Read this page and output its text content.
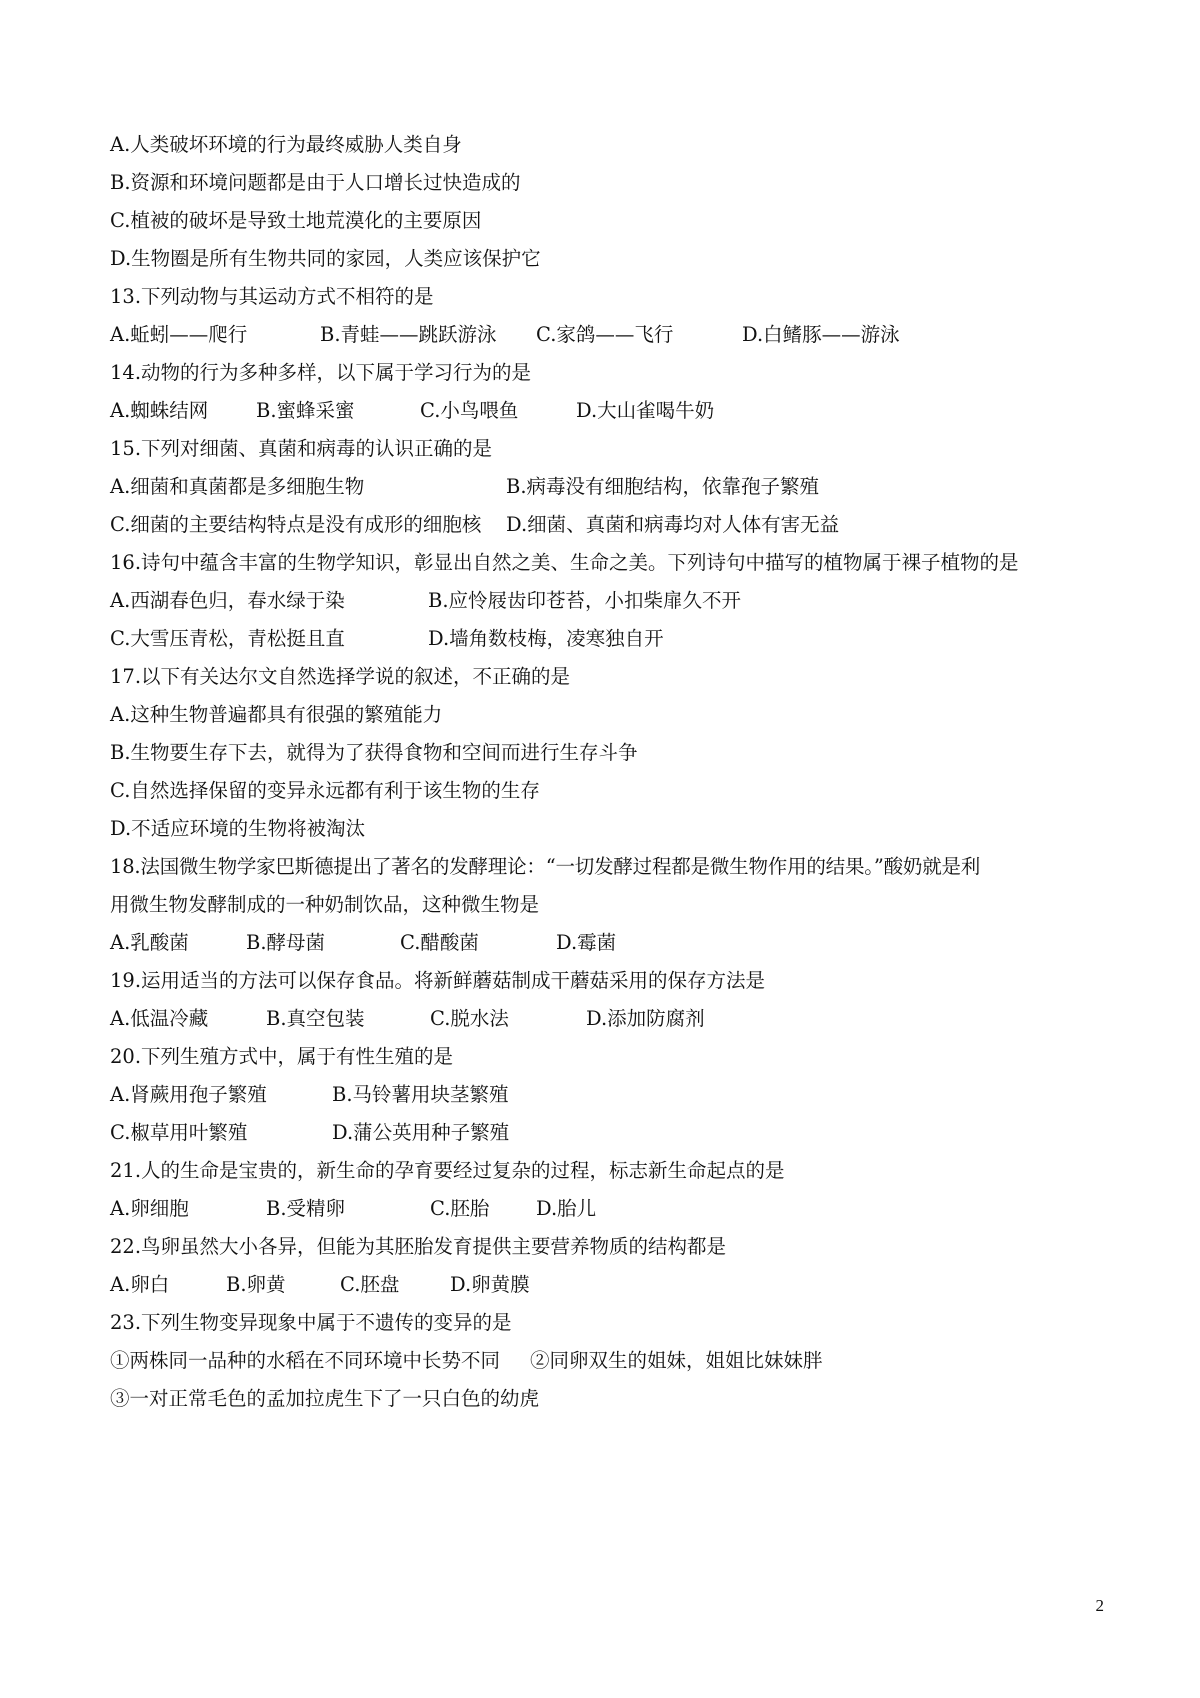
A.人类破坏环境的行为最终威胁人类自身
B.资源和环境问题都是由于人口增长过快造成的
C.植被的破坏是导致土地荒漠化的主要原因
D.生物圈是所有生物共同的家园，人类应该保护它
13.下列动物与其运动方式不相符的是
A.蚯蚓——爬行	B.青蛙——跳跃游泳 C.家鸽——飞行	D.白鳍豚——游泳
14.动物的行为多种多样，以下属于学习行为的是
A.蜘蛛结网 B.蜜蜂采蜜	C.小鸟喂鱼	D.大山雀喝牛奶
15.下列对细菌、真菌和病毒的认识正确的是
A.细菌和真菌都是多细胞生物	B.病毒没有细胞结构，依靠孢子繁殖
C.细菌的主要结构特点是没有成形的细胞核 D.细菌、真菌和病毒均对人体有害无益
16.诗句中蕴含丰富的生物学知识，彰显出自然之美、生命之美。下列诗句中描写的植物属于裸子植物的是
A.西湖春色归，春水绿于染	B.应怜屐齿印苍苔，小扣柴扉久不开
C.大雪压青松，青松挺且直	D.墙角数枝梅，凌寒独自开
17.以下有关达尔文自然选择学说的叙述，不正确的是
A.这种生物普遍都具有很强的繁殖能力
B.生物要生存下去，就得为了获得食物和空间而进行生存斗争
C.自然选择保留的变异永远都有利于该生物的生存
D.不适应环境的生物将被淘汰
18.法国微生物学家巴斯德提出了著名的发酵理论：“一切发酵过程都是微生物作用的结果。”酸奶就是利
用微生物发酵制成的一种奶制饮品，这种微生物是
A.乳酸菌	B.酵母菌	C.醋酸菌	D.霉菌
19.运用适当的方法可以保存食品。将新鲜蘑菇制成干蘑菇采用的保存方法是
A.低温冷藏	B.真空包装	C.脱水法	D.添加防腐剂
20.下列生殖方式中，属于有性生殖的是
A.肾蕨用孢子繁殖	B.马铃薯用块茎繁殖
C.椒草用叶繁殖	D.蒲公英用种子繁殖
21.人的生命是宝贵的，新生命的孕育要经过复杂的过程，标志新生命起点的是
A.卵细胞	B.受精卵	C.胚胎 D.胎儿
22.鸟卵虽然大小各异，但能为其胚胎发育提供主要营养物质的结构都是
A.卵白	B.卵黄	C.胚盘	D.卵黄膜
23.下列生物变异现象中属于不遗传的变异的是
①两株同一品种的水稻在不同环境中长势不同 ②同卵双生的姐妹，姐姐比妹妹胖
③一对正常毛色的孟加拉虎生下了一只白色的幼虎
2
